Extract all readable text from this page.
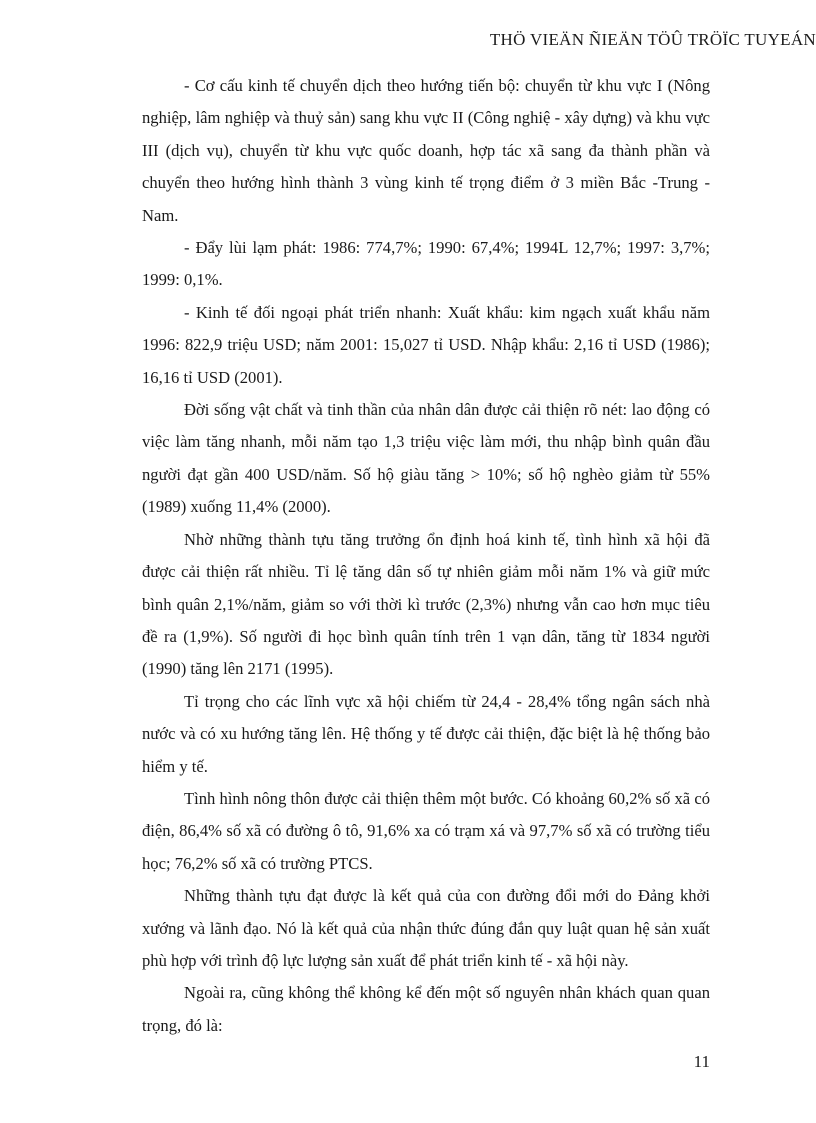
THÖ VIEÄN ÑIEÄN TÖÛ TRÖÏC TUYEÁN

- Cơ cấu kinh tế chuyển dịch theo hướng tiến bộ: chuyển từ khu vực I (Nông nghiệp, lâm nghiệp và thuỷ sản) sang khu vực II (Công nghiệ - xây dựng) và khu vực III (dịch vụ), chuyển từ khu vực quốc doanh, hợp tác xã sang đa thành phần và chuyển theo hướng hình thành 3 vùng kinh tế trọng điểm ở 3 miền Bắc -Trung - Nam.

- Đẩy lùi lạm phát: 1986: 774,7%; 1990: 67,4%; 1994L 12,7%; 1997: 3,7%; 1999: 0,1%.

- Kinh tế đối ngoại phát triển nhanh: Xuất khẩu: kim ngạch xuất khẩu năm 1996: 822,9 triệu USD; năm 2001: 15,027 tỉ USD. Nhập khẩu: 2,16 tỉ USD (1986); 16,16 tỉ USD (2001).

Đời sống vật chất và tinh thần của nhân dân được cải thiện rõ nét: lao động có việc làm tăng nhanh, mỗi năm tạo 1,3 triệu việc làm mới, thu nhập bình quân đầu người đạt gần 400 USD/năm. Số hộ giàu tăng > 10%; số hộ nghèo giảm từ 55% (1989) xuống 11,4% (2000).

Nhờ những thành tựu tăng trưởng ổn định hoá kinh tế, tình hình xã hội đã được cải thiện rất nhiều. Tỉ lệ tăng dân số tự nhiên giảm mỗi năm 1% và giữ mức bình quân 2,1%/năm, giảm so với thời kì trước (2,3%) nhưng vẫn cao hơn mục tiêu đề ra (1,9%). Số người đi học bình quân tính trên 1 vạn dân, tăng từ 1834 người (1990) tăng lên 2171 (1995).

Tỉ trọng cho các lĩnh vực xã hội chiếm từ 24,4 - 28,4% tổng ngân sách nhà nước và có xu hướng tăng lên. Hệ thống y tế được cải thiện, đặc biệt là hệ thống bảo hiểm y tế.

Tình hình nông thôn được cải thiện thêm một bước. Có khoảng 60,2% số xã có điện, 86,4% số xã có đường ô tô, 91,6% xa có trạm xá và 97,7% số xã có trường tiểu học; 76,2% số xã có trường PTCS.

Những thành tựu đạt được là kết quả của con đường đổi mới do Đảng khởi xướng và lãnh đạo. Nó là kết quả của nhận thức đúng đắn quy luật quan hệ sản xuất phù hợp với trình độ lực lượng sản xuất để phát triển kinh tế - xã hội này.

Ngoài ra, cũng không thể không kể đến một số nguyên nhân khách quan quan trọng, đó là:

11
